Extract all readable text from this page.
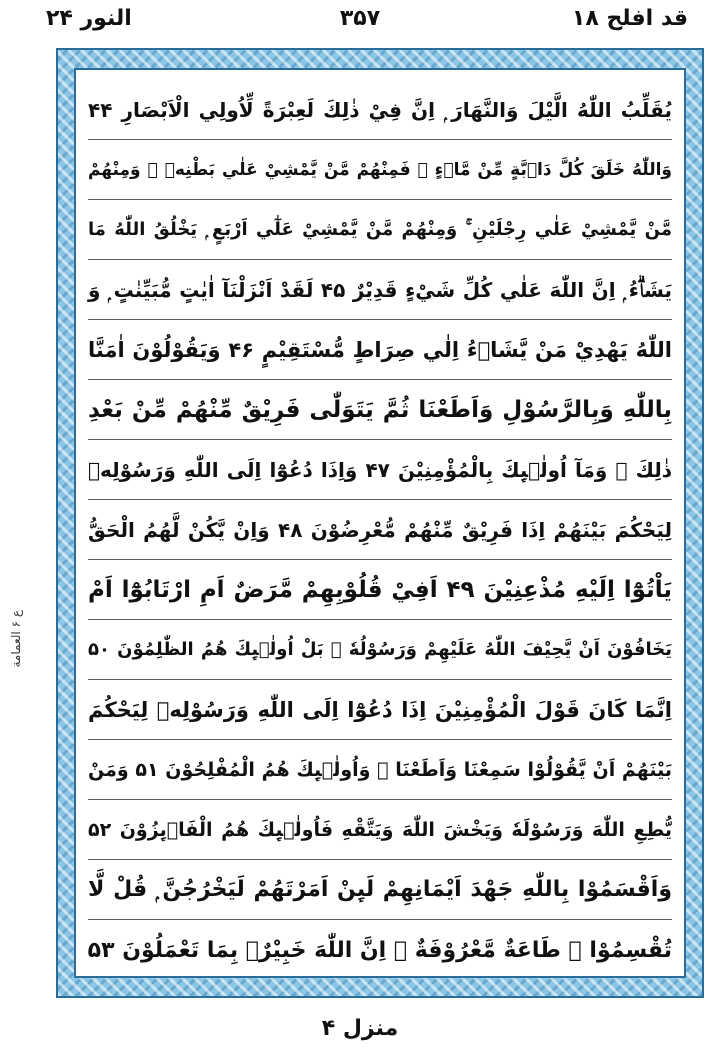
قد افلح ۱۸
۳۵۷
النور ۲۴
ع ۶ العمامة
يُقَلِّبُ اللّٰهُ الَّيْلَ وَالنَّهَارَ ۭ اِنَّ فِيْ ذٰلِكَ لَعِبْرَةً لِّاُولِي الْاَبْصَارِ ۴۴
وَاللّٰهُ خَلَقَ كُلَّ دَاۗبَّةٍ مِّنْ مَّاۗءٍ ۚ فَمِنْهُمْ مَّنْ يَّمْشِيْ عَلٰي بَطْنِهٖ ۚ وَمِنْهُمْ
مَّنْ يَّمْشِيْ عَلٰي رِجْلَيْنِ ۚ وَمِنْهُمْ مَّنْ يَّمْشِيْ عَلٰٓي اَرْبَعٍ ۭ يَخْلُقُ اللّٰهُ مَا
يَشَاۗءُ ۭ اِنَّ اللّٰهَ عَلٰي كُلِّ شَيْءٍ قَدِيْرٌ ۴۵ لَقَدْ اَنْزَلْنَآ اٰيٰتٍ مُّبَيِّنٰتٍ ۭ وَ
اللّٰهُ يَهْدِيْ مَنْ يَّشَاۗءُ اِلٰي صِرَاطٍ مُّسْتَقِيْمٍ ۴۶ وَيَقُوْلُوْنَ اٰمَنَّا
بِاللّٰهِ وَبِالرَّسُوْلِ وَاَطَعْنَا ثُمَّ يَتَوَلّٰى فَرِيْقٌ مِّنْهُمْ مِّنْ بَعْدِ
ذٰلِكَ ۭ وَمَآ اُولٰۗىِٕكَ بِالْمُؤْمِنِيْنَ ۴۷ وَاِذَا دُعُوْٓا اِلَى اللّٰهِ وَرَسُوْلِهٖ
لِيَحْكُمَ بَيْنَهُمْ اِذَا فَرِيْقٌ مِّنْهُمْ مُّعْرِضُوْنَ ۴۸ وَاِنْ يَّكُنْ لَّهُمُ الْحَقُّ
يَاْتُوْٓا اِلَيْهِ مُذْعِنِيْنَ ۴۹ اَفِيْ قُلُوْبِهِمْ مَّرَضٌ اَمِ ارْتَابُوْٓا اَمْ
يَخَافُوْنَ اَنْ يَّحِيْفَ اللّٰهُ عَلَيْهِمْ وَرَسُوْلُهٗ ۭ بَلْ اُولٰۗىِٕكَ هُمُ الظّٰلِمُوْنَ ۵۰
اِنَّمَا كَانَ قَوْلَ الْمُؤْمِنِيْنَ اِذَا دُعُوْٓا اِلَى اللّٰهِ وَرَسُوْلِهٖ لِيَحْكُمَ
بَيْنَهُمْ اَنْ يَّقُوْلُوْا سَمِعْنَا وَاَطَعْنَا ۭ وَاُولٰۗىِٕكَ هُمُ الْمُفْلِحُوْنَ ۵۱ وَمَنْ
يُّطِعِ اللّٰهَ وَرَسُوْلَهٗ وَيَخْشَ اللّٰهَ وَيَتَّقْهِ فَاُولٰۗىِٕكَ هُمُ الْفَاۗىِٕزُوْنَ ۵۲
وَاَقْسَمُوْا بِاللّٰهِ جَهْدَ اَيْمَانِهِمْ لَىِٕنْ اَمَرْتَهُمْ لَيَخْرُجُنَّ ۭ قُلْ لَّا
تُقْسِمُوْا ۚ طَاعَةٌ مَّعْرُوْفَةٌ ۭ اِنَّ اللّٰهَ خَبِيْرٌۢ بِمَا تَعْمَلُوْنَ ۵۳
منزل ۴
